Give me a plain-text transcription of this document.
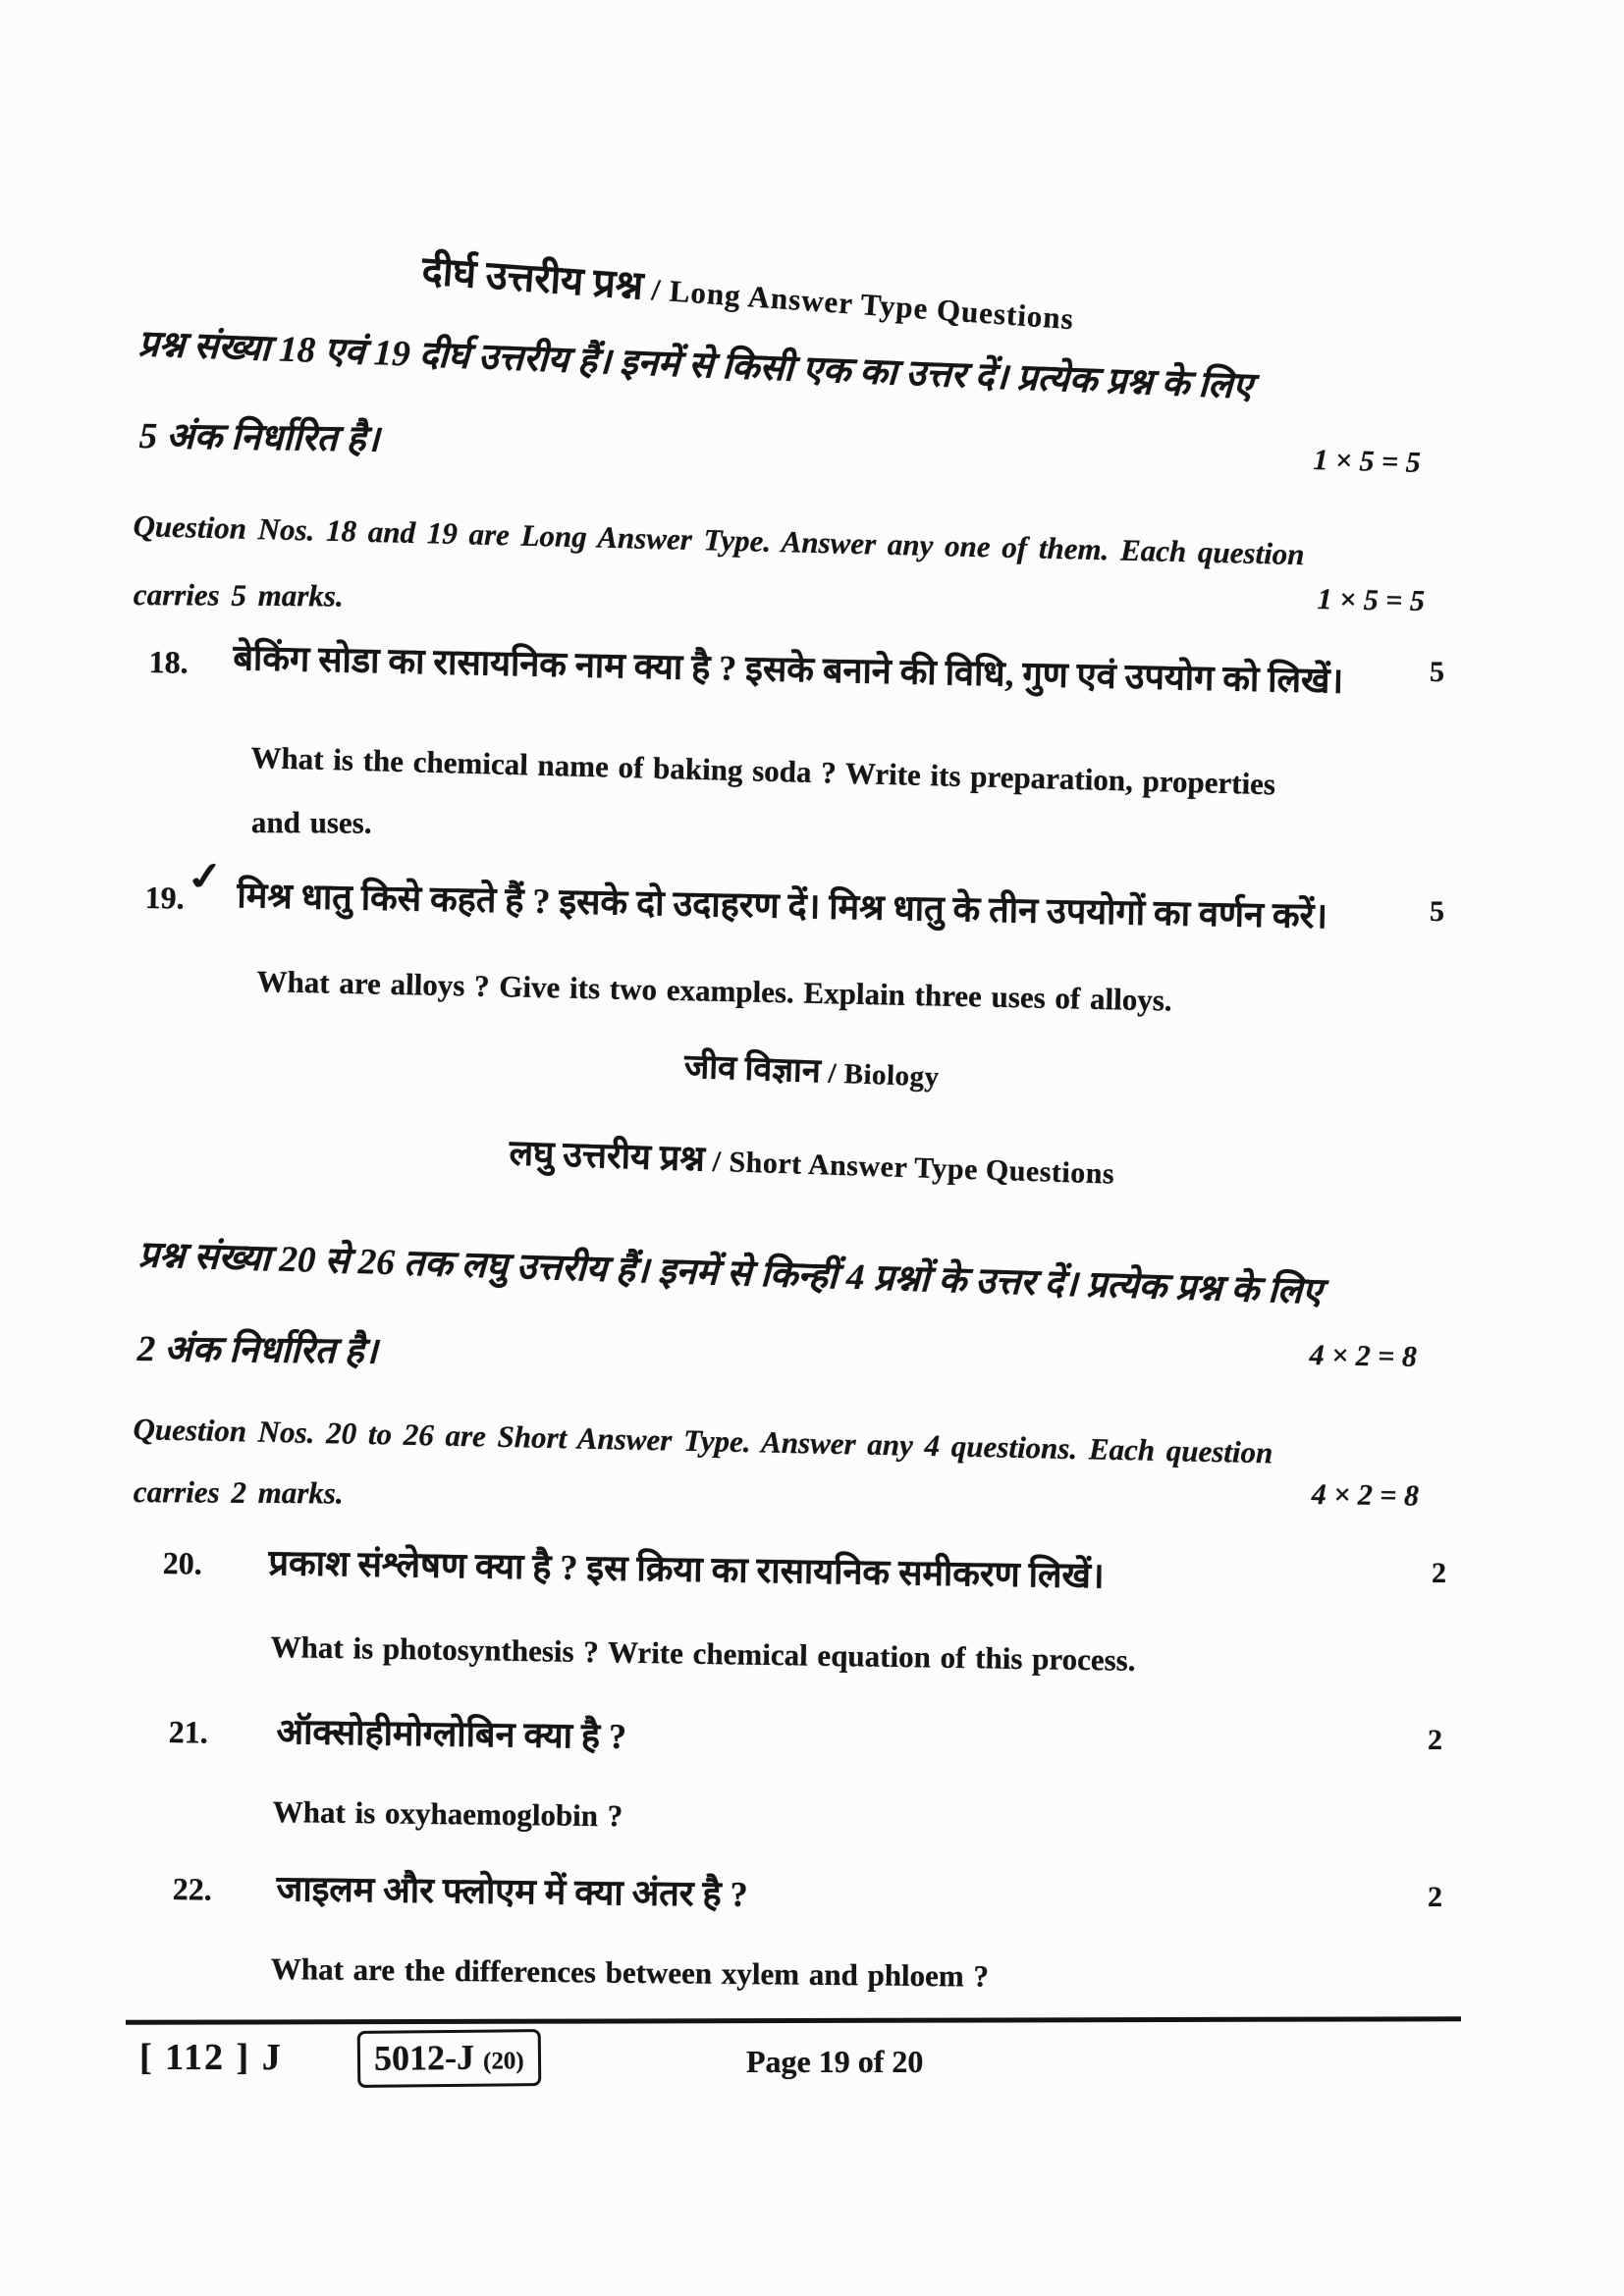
दीर्घ उत्तरीय प्रश्न / Long Answer Type Questions
प्रश्न संख्या 18 एवं 19 दीर्घ उत्तरीय हैं। इनमें से किसी एक का उत्तर दें। प्रत्येक प्रश्न के लिए
5 अंक निर्धारित है।
1 × 5 = 5
Question Nos. 18 and 19 are Long Answer Type. Answer any one of them. Each question
carries 5 marks.	1 × 5 = 5
18. बेकिंग सोडा का रासायनिक नाम क्या है ? इसके बनाने की विधि, गुण एवं उपयोग को लिखें।	5
What is the chemical name of baking soda ? Write its preparation, properties
and uses.
19.
✓ मिश्र धातु किसे कहते हैं ? इसके दो उदाहरण दें। मिश्र धातु के तीन उपयोगों का वर्णन करें।	5
What are alloys ? Give its two examples. Explain three uses of alloys.
जीव विज्ञान / Biology
लघु उत्तरीय प्रश्न / Short Answer Type Questions
प्रश्न संख्या 20 से 26 तक लघु उत्तरीय हैं। इनमें से किन्हीं 4 प्रश्नों के उत्तर दें। प्रत्येक प्रश्न के लिए
2 अंक निर्धारित है।	4 × 2 = 8
Question Nos. 20 to 26 are Short Answer Type. Answer any 4 questions. Each question
carries 2 marks.	4 × 2 = 8
20. प्रकाश संश्लेषण क्या है ? इस क्रिया का रासायनिक समीकरण लिखें।	2
What is photosynthesis ? Write chemical equation of this process.
21. ऑक्सोहीमोग्लोबिन क्या है ?	2
What is oxyhaemoglobin ?
22. जाइलम और फ्लोएम में क्या अंतर है ?	2
What are the differences between xylem and phloem ?
[ 112 ] J	5012-J (20)	Page 19 of 20
